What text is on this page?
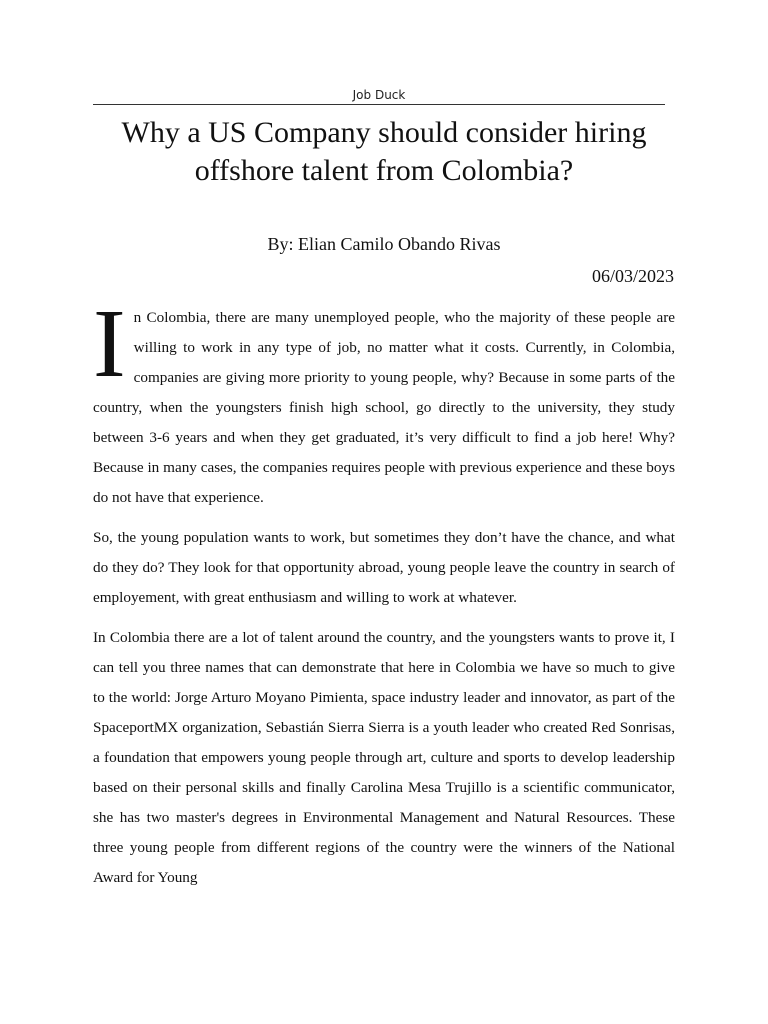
Job Duck
Why a US Company should consider hiring offshore talent from Colombia?
By: Elian Camilo Obando Rivas
06/03/2023

In Colombia, there are many unemployed people, who the majority of these people are willing to work in any type of job, no matter what it costs. Currently, in Colombia, companies are giving more priority to young people, why? Because in some parts of the country, when the youngsters finish high school, go directly to the university, they study between 3-6 years and when they get graduated, it’s very difficult to find a job here! Why? Because in many cases, the companies requires people with previous experience and these boys do not have that experience.

So, the young population wants to work, but sometimes they don’t have the chance, and what do they do? They look for that opportunity abroad, young people leave the country in search of employement, with great enthusiasm and willing to work at whatever.

In Colombia there are a lot of talent around the country, and the youngsters wants to prove it, I can tell you three names that can demonstrate that here in Colombia we have so much to give to the world: Jorge Arturo Moyano Pimienta, space industry leader and innovator, as part of the SpaceportMX organization, Sebastián Sierra Sierra is a youth leader who created Red Sonrisas, a foundation that empowers young people through art, culture and sports to develop leadership based on their personal skills and finally Carolina Mesa Trujillo is a scientific communicator, she has two master's degrees in Environmental Management and Natural Resources. These three young people from different regions of the country were the winners of the National Award for Young
